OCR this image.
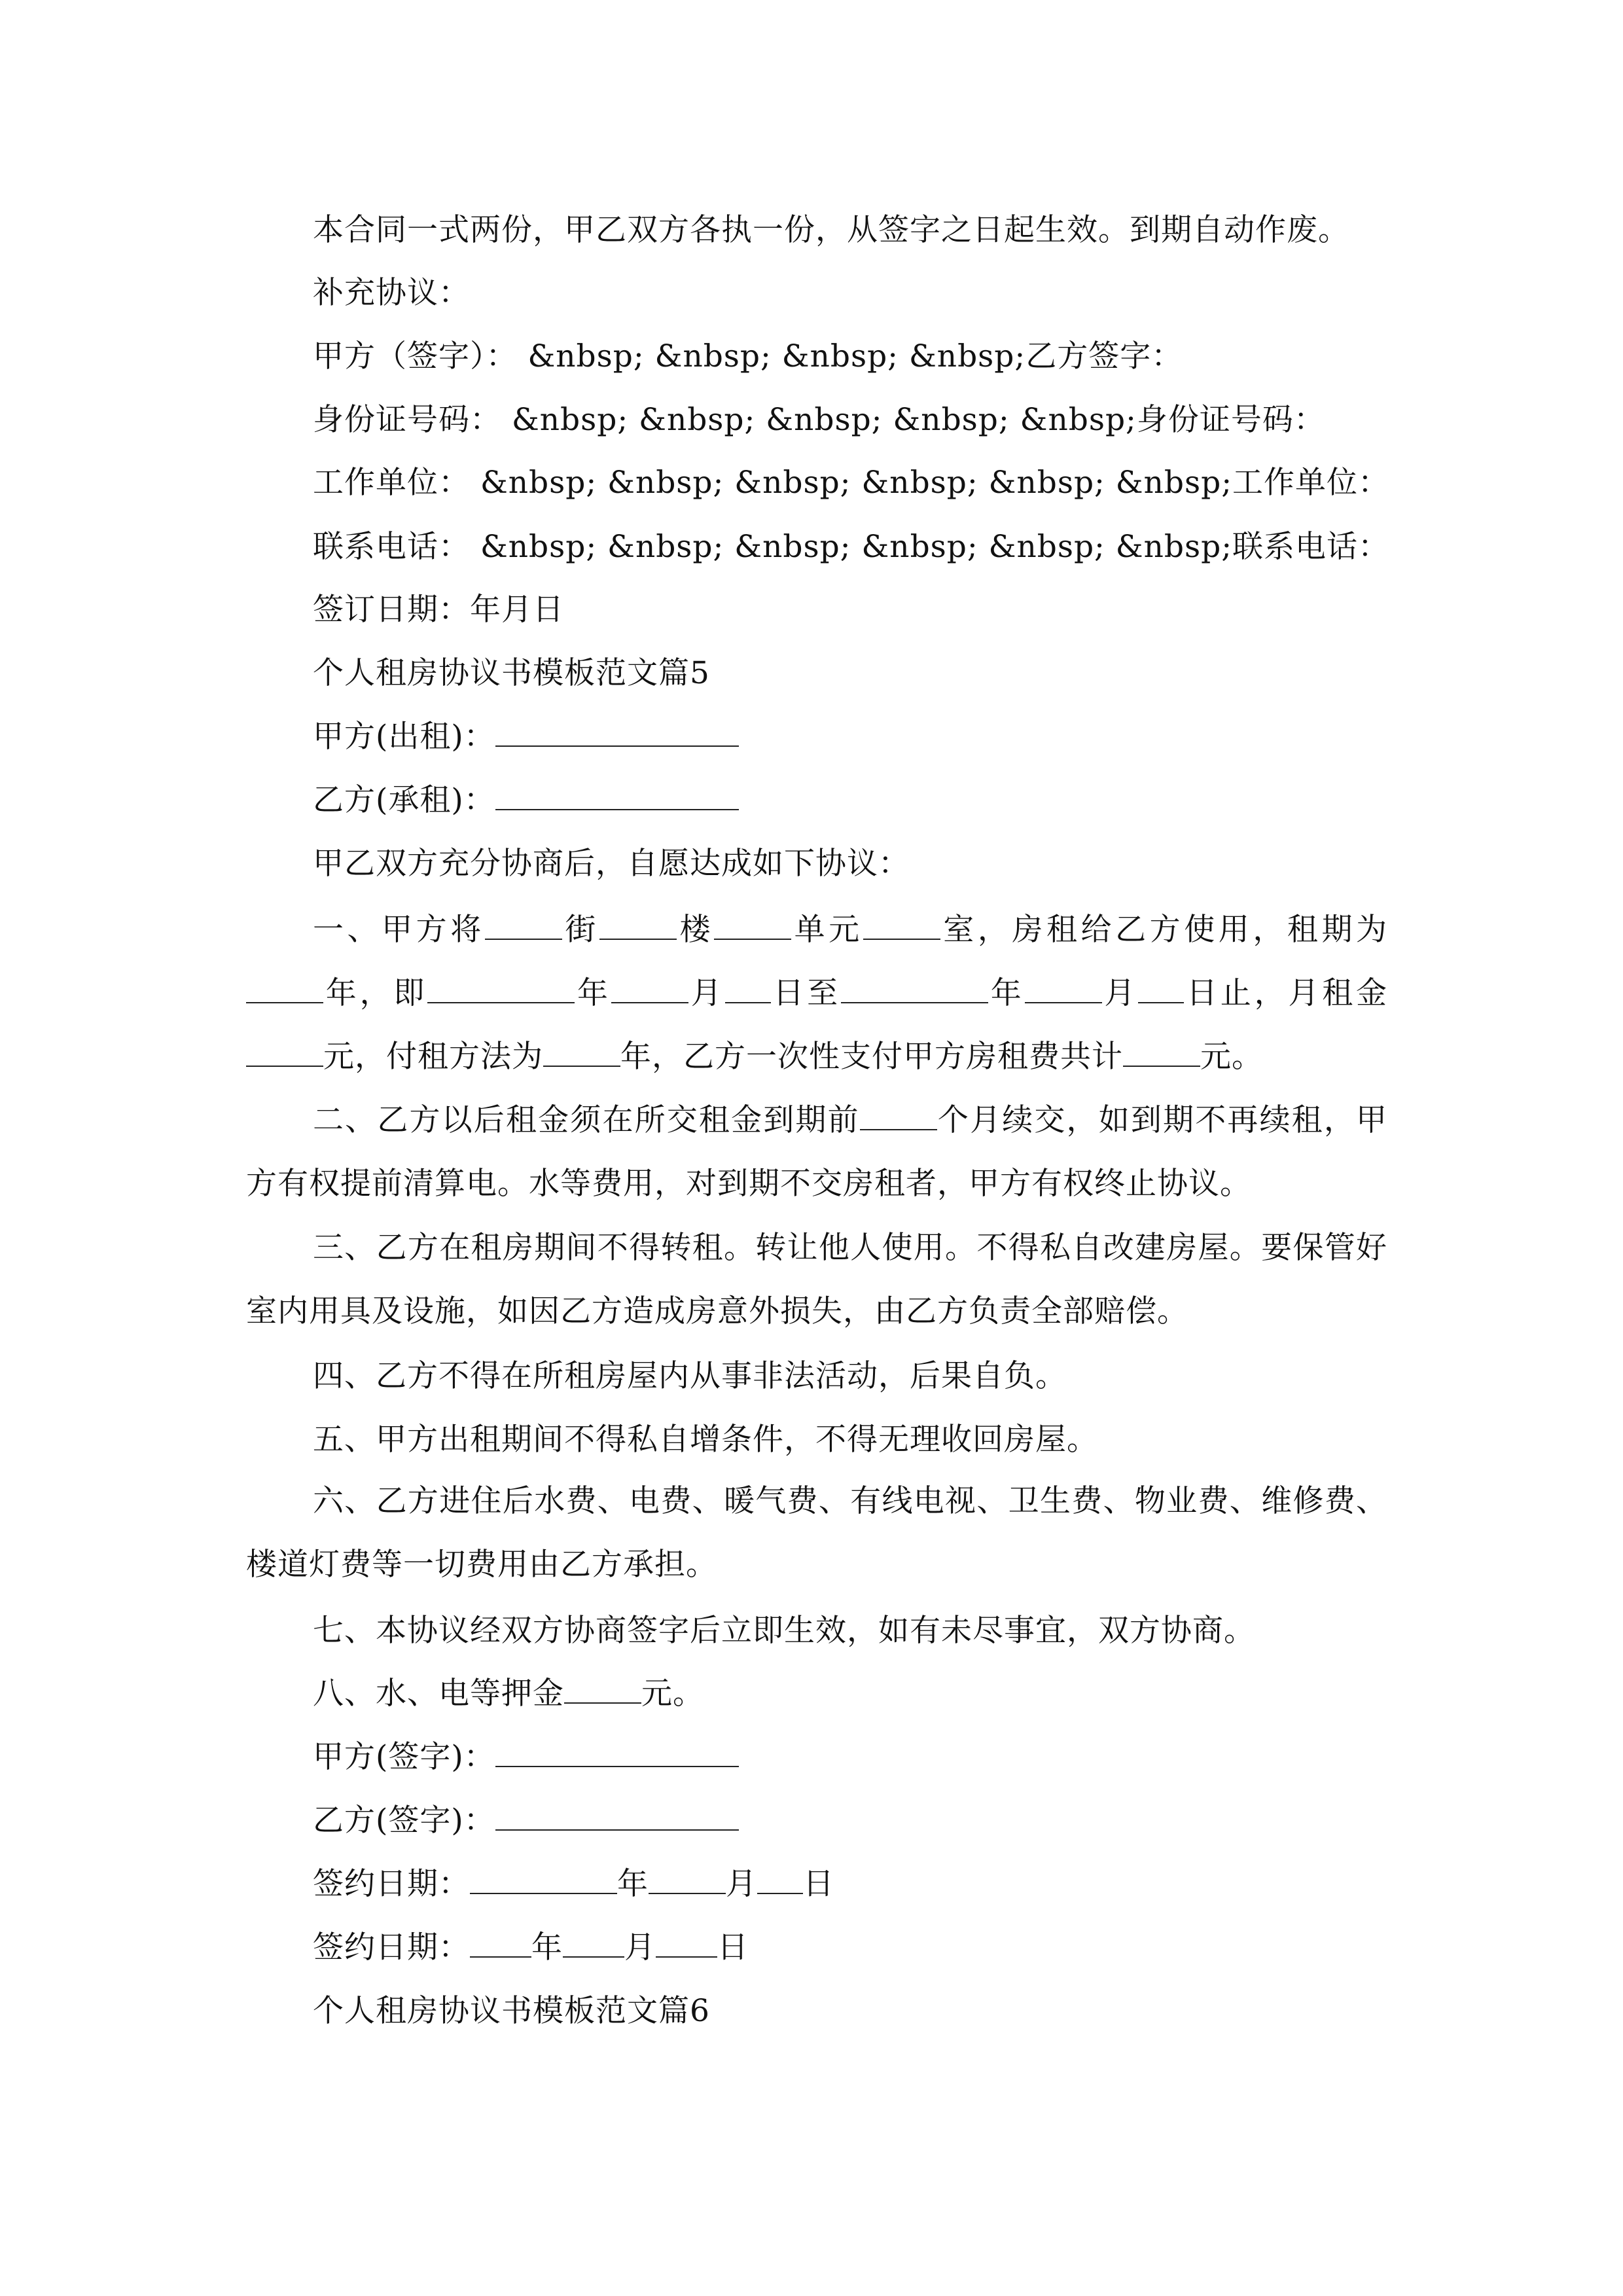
本合同一式两份，甲乙双方各执一份，从签字之日起生效。到期自动作废。
补充协议：
甲方（签字）： &nbsp; &nbsp; &nbsp; &nbsp;乙方签字：
身份证号码： &nbsp; &nbsp; &nbsp; &nbsp; &nbsp;身份证号码：
工作单位： &nbsp; &nbsp; &nbsp; &nbsp; &nbsp; &nbsp;工作单位：
联系电话： &nbsp; &nbsp; &nbsp; &nbsp; &nbsp; &nbsp;联系电话：
签订日期：年月日
个人租房协议书模板范文篇5
甲方(出租)：
乙方(承租)：
甲乙双方充分协商后，自愿达成如下协议：
一、甲方将	街	楼	单元	室，房租给乙方使用，租期为年，即	年	月 日至	年	月 日止，月租金元，付租方法为	年，乙方一次性支付甲方房租费共计	元。
二、乙方以后租金须在所交租金到期前	个月续交，如到期不再续租，甲方有权提前清算电。水等费用，对到期不交房租者，甲方有权终止协议。
三、乙方在租房期间不得转租。转让他人使用。不得私自改建房屋。要保管好室内用具及设施，如因乙方造成房意外损失，由乙方负责全部赔偿。
四、乙方不得在所租房屋内从事非法活动，后果自负。
五、甲方出租期间不得私自增条件，不得无理收回房屋。
六、乙方进住后水费、电费、暖气费、有线电视、卫生费、物业费、维修费、楼道灯费等一切费用由乙方承担。
七、本协议经双方协商签字后立即生效，如有未尽事宜，双方协商。
八、水、电等押金	元。
甲方(签字)：
乙方(签字)：
签约日期：	年	月 日
签约日期： 年 月 日
个人租房协议书模板范文篇6
